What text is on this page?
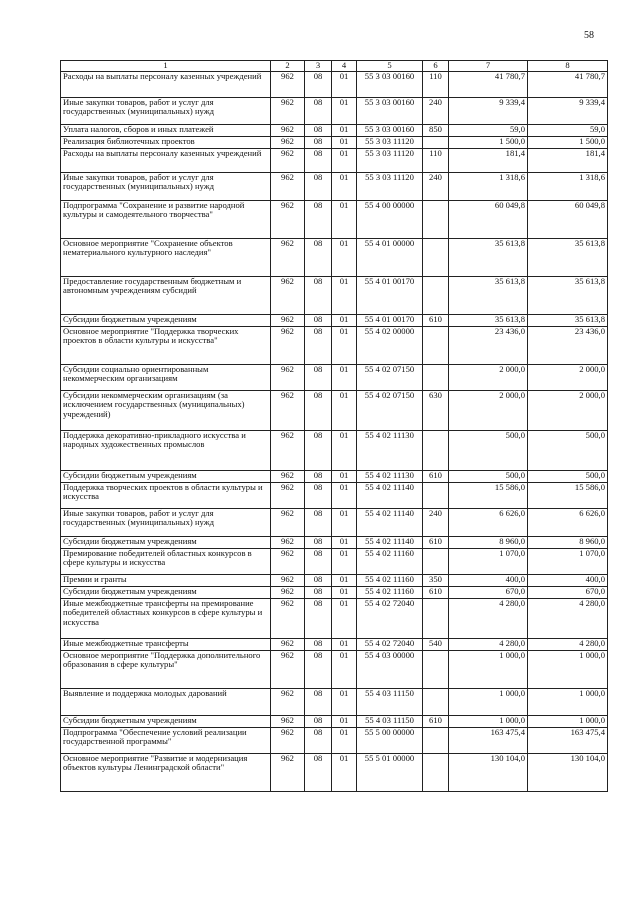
58
1	2	3	4	5	6	7	8
Расходы на выплаты персоналу казенных учреждений	962	08	01	55 3 03 00160	110	41 780,7	41 780,7
Иные закупки товаров, работ и услуг для государственных (муниципальных) нужд	962	08	01	55 3 03 00160	240	9 339,4	9 339,4
Уплата налогов, сборов и иных платежей	962	08	01	55 3 03 00160	850	59,0	59,0
Реализация библиотечных проектов	962	08	01	55 3 03 11120		1 500,0	1 500,0
Расходы на выплаты персоналу казенных учреждений	962	08	01	55 3 03 11120	110	181,4	181,4
Иные закупки товаров, работ и услуг для государственных (муниципальных) нужд	962	08	01	55 3 03 11120	240	1 318,6	1 318,6
Подпрограмма "Сохранение и развитие народной культуры и самодеятельного творчества"	962	08	01	55 4 00 00000		60 049,8	60 049,8
Основное мероприятие "Сохранение объектов нематериального культурного наследия"	962	08	01	55 4 01 00000		35 613,8	35 613,8
Предоставление государственным бюджетным и автономным учреждениям субсидий	962	08	01	55 4 01 00170		35 613,8	35 613,8
Субсидии бюджетным учреждениям	962	08	01	55 4 01 00170	610	35 613,8	35 613,8
Основное мероприятие "Поддержка творческих проектов в области культуры и искусства"	962	08	01	55 4 02 00000		23 436,0	23 436,0
Субсидии социально ориентированным некоммерческим организациям	962	08	01	55 4 02 07150		2 000,0	2 000,0
Субсидии некоммерческим организациям (за исключением государственных (муниципальных) учреждений)	962	08	01	55 4 02 07150	630	2 000,0	2 000,0
Поддержка декоративно-прикладного искусства и народных художественных промыслов	962	08	01	55 4 02 11130		500,0	500,0
Субсидии бюджетным учреждениям	962	08	01	55 4 02 11130	610	500,0	500,0
Поддержка творческих проектов в области культуры и искусства	962	08	01	55 4 02 11140		15 586,0	15 586,0
Иные закупки товаров, работ и услуг для государственных (муниципальных) нужд	962	08	01	55 4 02 11140	240	6 626,0	6 626,0
Субсидии бюджетным учреждениям	962	08	01	55 4 02 11140	610	8 960,0	8 960,0
Премирование победителей областных конкурсов в сфере культуры и искусства	962	08	01	55 4 02 11160		1 070,0	1 070,0
Премии и гранты	962	08	01	55 4 02 11160	350	400,0	400,0
Субсидии бюджетным учреждениям	962	08	01	55 4 02 11160	610	670,0	670,0
Иные межбюджетные трансферты на премирование победителей областных конкурсов в сфере культуры и искусства	962	08	01	55 4 02 72040		4 280,0	4 280,0
Иные межбюджетные трансферты	962	08	01	55 4 02 72040	540	4 280,0	4 280,0
Основное мероприятие "Поддержка дополнительного образования в сфере культуры"	962	08	01	55 4 03 00000		1 000,0	1 000,0
Выявление и поддержка молодых дарований	962	08	01	55 4 03 11150		1 000,0	1 000,0
Субсидии бюджетным учреждениям	962	08	01	55 4 03 11150	610	1 000,0	1 000,0
Подпрограмма "Обеспечение условий реализации государственной программы"	962	08	01	55 5 00 00000		163 475,4	163 475,4
Основное мероприятие "Развитие и модернизация объектов культуры Ленинградской области"	962	08	01	55 5 01 00000		130 104,0	130 104,0
